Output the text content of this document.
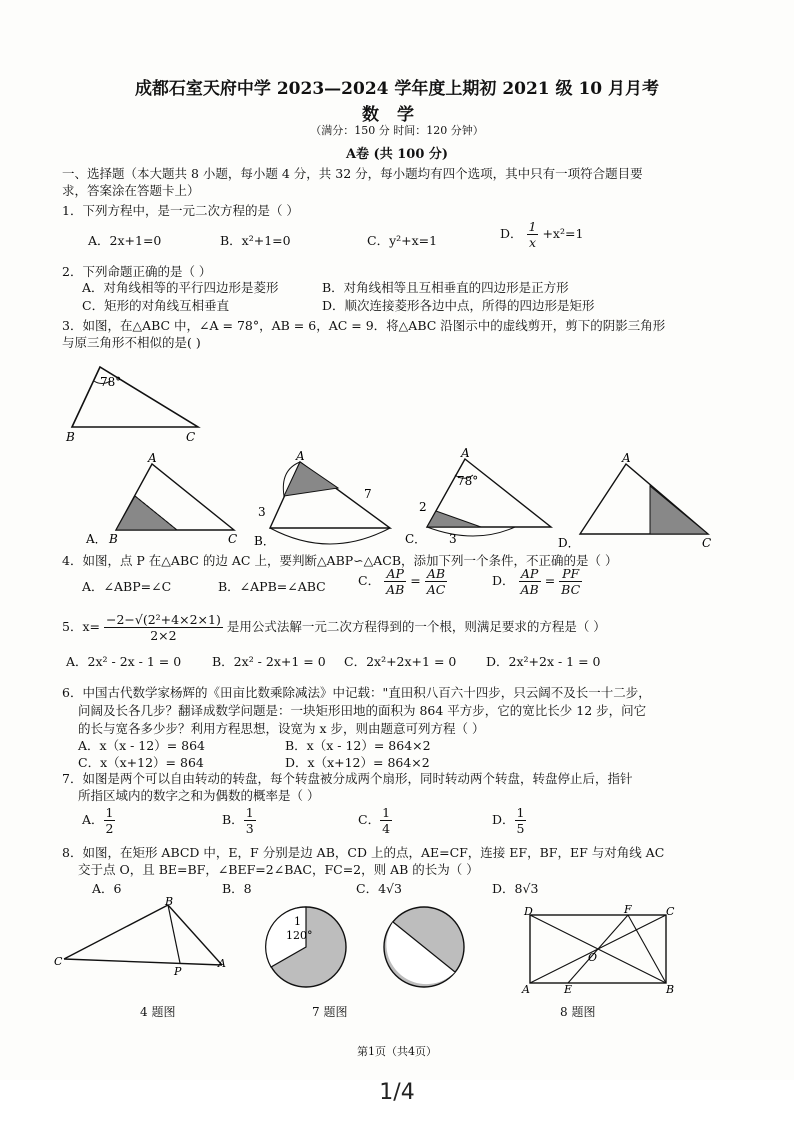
成都石室天府中学 2023—2024 学年度上期初 2021 级 10 月月考
数学
（满分：150 分 时间：120 分钟）
A卷 (共 100 分)
一、选择题（本大题共 8 小题，每小题 4 分，共 32 分，每小题均有四个选项，其中只有一项符合题目要
求，答案涂在答题卡上）
1．下列方程中，是一元二次方程的是（ ）
A．2x+1=0	B．x²+1=0	C．y²+x=1	D． $\frac{1}{x} +x^2=1$
2．下列命题正确的是（ ）
A．对角线相等的平行四边形是菱形	B．对角线相等且互相垂直的四边形是正方形
C．矩形的对角线互相垂直	D．顺次连接菱形各边中点，所得的四边形是矩形
3．如图，在△ABC 中，∠A = 78°，AB = 6，AC = 9．将△ABC 沿图示中的虚线剪开，剪下的阴影三角形
与原三角形不相似的是( )
78°
B	C
A
B	C
A．
A
3
7
B．
A
78°
2
3
C．
A
C
D．
4．如图，点 P 在△ABC 的边 AC 上，要判断△ABP∽△ACB，添加下列一个条件，不正确的是（ ）
A．∠ABP=∠C	B．∠APB=∠ABC	C． $\frac{AP}{AB} = \frac{AB}{AC}$	D． $\frac{AP}{AB} = \frac{PF}{BC}$
5．$x= \frac{\text{−2−√(2²+4×2×1)}}{2\times 2}$ 是用公式法解一元二次方程得到的一个根，则满足要求的方程是（ ）
A．2x² - 2x - 1 = 0 B．2x² - 2x+1 = 0 C．2x²+2x+1 = 0 D．2x²+2x - 1 = 0
6．中国古代数学家杨辉的《田亩比数乘除减法》中记载："直田积八百六十四步，只云阔不及长一十二步，
问阔及长各几步？翻译成数学问题是：一块矩形田地的面积为 864 平方步，它的宽比长少 12 步，问它
的长与宽各多少步？利用方程思想，设宽为 x 步，则由题意可列方程（ ）
A．x（x - 12）= 864	B．x（x - 12）= 864×2
C．x（x+12）= 864	D．x（x+12）= 864×2
7．如图是两个可以自由转动的转盘，每个转盘被分成两个扇形，同时转动两个转盘，转盘停止后，指针
所指区域内的数字之和为偶数的概率是（ ）
A． $\frac{1}{2}$	B． $\frac{1}{3}$	C． $\frac{1}{4}$	D． $\frac{1}{5}$
8．如图，在矩形 ABCD 中，E，F 分别是边 AB，CD 上的点，AE=CF，连接 EF，BF，EF 与对角线 AC
交于点 O，且 BE=BF，∠BEF=2∠BAC，FC=2，则 AB 的长为（ ）
A．6	B．8	C．4√3	D．8√3
B
C
P
A
4 题图
1
120°
7 题图
D	F	C
O
A	E	B
8 题图
第1页（共4页）
1/4
